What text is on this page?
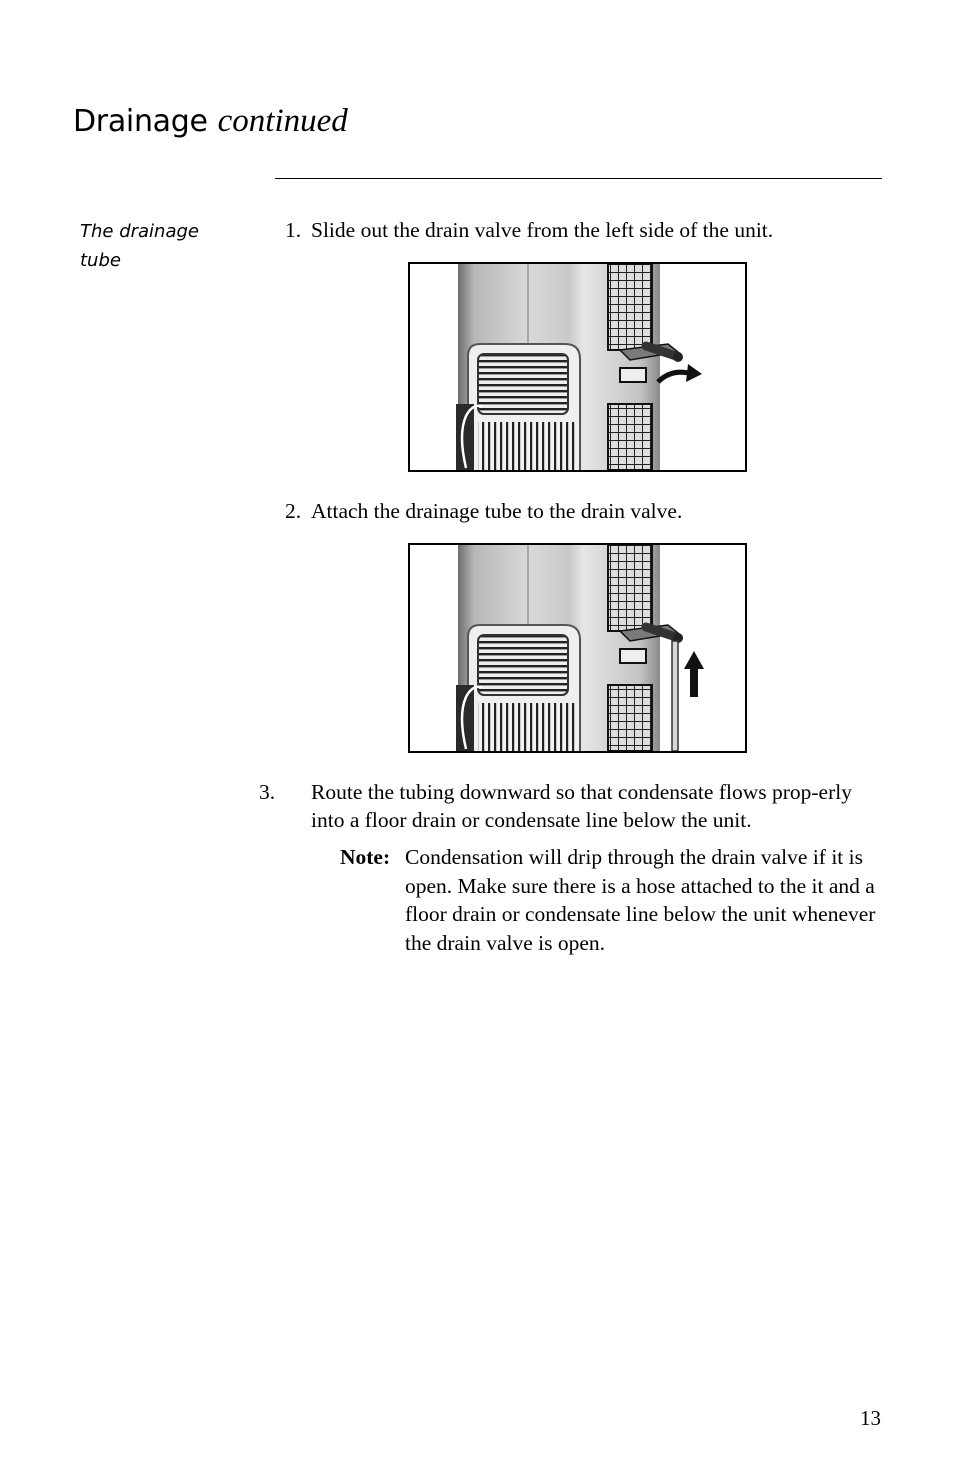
Drainage continued

The drainage tube

1. Slide out the drain valve from the left side of the unit.

2. Attach the drainage tube to the drain valve.

3. Route the tubing downward so that condensate flows prop-erly into a floor drain or condensate line below the unit.

Note: Condensation will drip through the drain valve if it is open. Make sure there is a hose attached to the it and a floor drain or condensate line below the unit whenever the drain valve is open.

13
